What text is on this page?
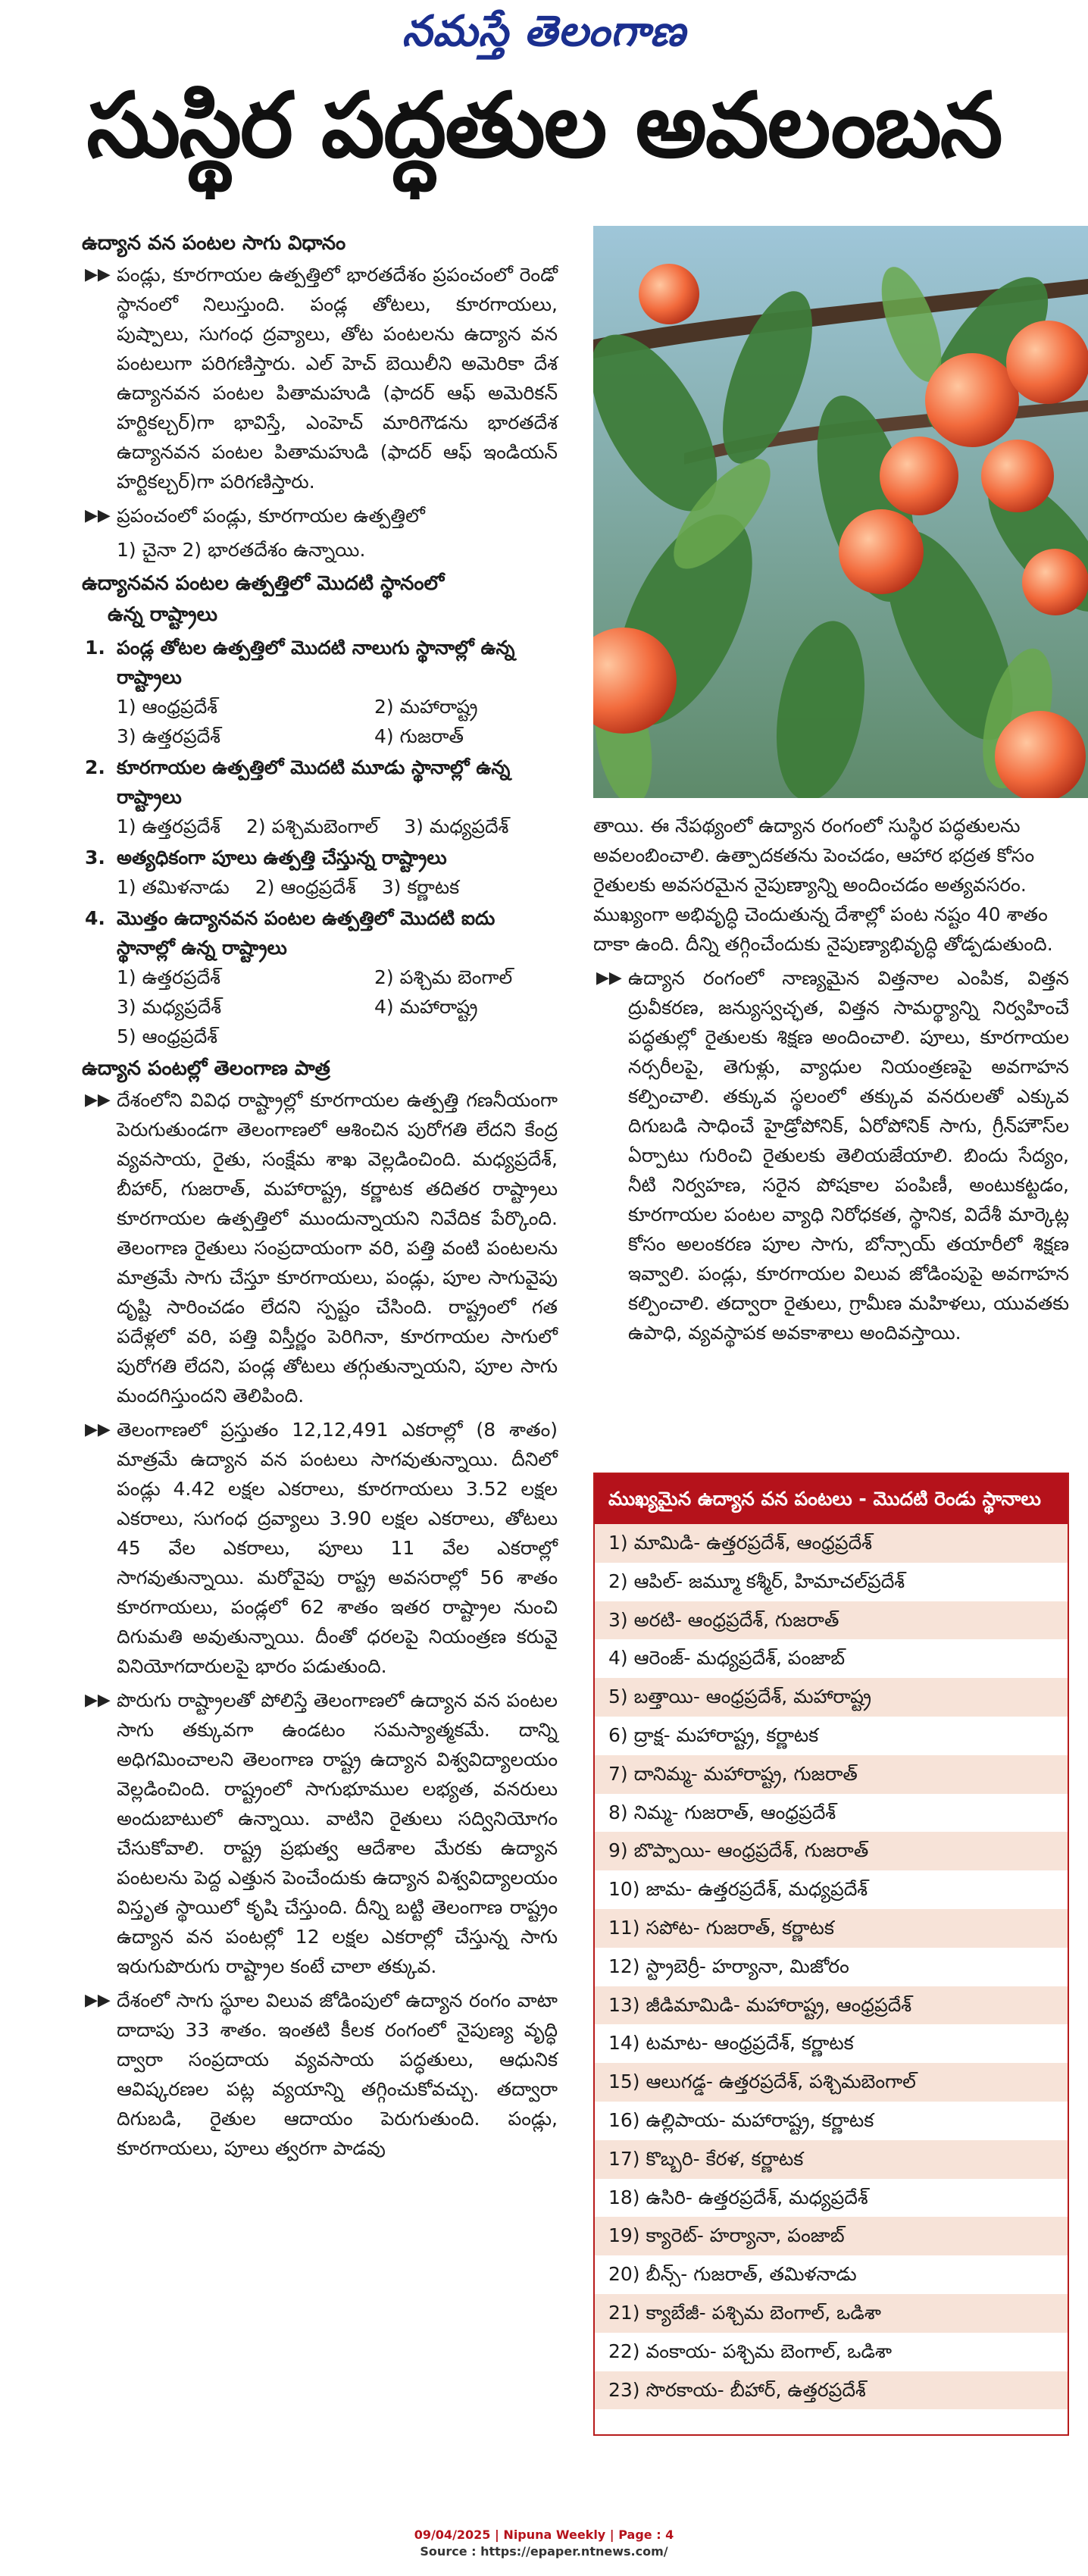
నమస్తే తెలంగాణ
సుస్థిర పద్ధతుల అవలంబన
ఉద్యాన వన పంటల సాగు విధానం
▶▶ పండ్లు, కూరగాయల ఉత్పత్తిలో భారతదేశం ప్రపంచంలో రెండో స్థానంలో నిలుస్తుంది. పండ్ల తోటలు, కూరగాయలు, పుష్పాలు, సుగంధ ద్రవ్యాలు, తోట పంటలను ఉద్యాన వన పంటలుగా పరిగణిస్తారు. ఎల్ హెచ్ బెయిలీని అమెరికా దేశ ఉద్యానవన పంటల పితామహుడి (ఫాదర్ ఆఫ్ అమెరికన్ హర్టికల్చర్)గా భావిస్తే, ఎంహెచ్ మారిగౌడను భారతదేశ ఉద్యానవన పంటల పితామహుడి (ఫాదర్ ఆఫ్ ఇండియన్ హర్టికల్చర్)గా పరిగణిస్తారు.
▶▶ ప్రపంచంలో పండ్లు, కూరగాయల ఉత్పత్తిలో
1) చైనా 2) భారతదేశం ఉన్నాయి.
ఉద్యానవన పంటల ఉత్పత్తిలో మొదటి స్థానంలో
ఉన్న రాష్ట్రాలు
1. పండ్ల తోటల ఉత్పత్తిలో మొదటి నాలుగు స్థానాల్లో ఉన్న రాష్ట్రాలు
1) ఆంధ్రప్రదేశ్	2) మహారాష్ట్ర
3) ఉత్తరప్రదేశ్	4) గుజరాత్
2. కూరగాయల ఉత్పత్తిలో మొదటి మూడు స్థానాల్లో ఉన్న రాష్ట్రాలు
1) ఉత్తరప్రదేశ్ 2) పశ్చిమబెంగాల్ 3) మధ్యప్రదేశ్
3. అత్యధికంగా పూలు ఉత్పత్తి చేస్తున్న రాష్ట్రాలు
1) తమిళనాడు 2) ఆంధ్రప్రదేశ్ 3) కర్ణాటక
4. మొత్తం ఉద్యానవన పంటల ఉత్పత్తిలో మొదటి ఐదు స్థానాల్లో ఉన్న రాష్ట్రాలు
1) ఉత్తరప్రదేశ్	2) పశ్చిమ బెంగాల్
3) మధ్యప్రదేశ్	4) మహారాష్ట్ర
5) ఆంధ్రప్రదేశ్
ఉద్యాన పంటల్లో తెలంగాణ పాత్ర
▶▶ దేశంలోని వివిధ రాష్ట్రాల్లో కూరగాయల ఉత్పత్తి గణనీయంగా పెరుగుతుండగా తెలంగాణలో ఆశించిన పురోగతి లేదని కేంద్ర వ్యవసాయ, రైతు, సంక్షేమ శాఖ వెల్లడించింది. మధ్యప్రదేశ్, బీహార్, గుజరాత్, మహారాష్ట్ర, కర్ణాటక తదితర రాష్ట్రాలు కూరగాయల ఉత్పత్తిలో ముందున్నాయని నివేదిక పేర్కొంది. తెలంగాణ రైతులు సంప్రదాయంగా వరి, పత్తి వంటి పంటలను మాత్రమే సాగు చేస్తూ కూరగాయలు, పండ్లు, పూల సాగువైపు దృష్టి సారించడం లేదని స్పష్టం చేసింది. రాష్ట్రంలో గత పదేళ్లలో వరి, పత్తి విస్తీర్ణం పెరిగినా, కూరగాయల సాగులో పురోగతి లేదని, పండ్ల తోటలు తగ్గుతున్నాయని, పూల సాగు మందగిస్తుందని తెలిపింది.
▶▶ తెలంగాణలో ప్రస్తుతం 12,12,491 ఎకరాల్లో (8 శాతం) మాత్రమే ఉద్యాన వన పంటలు సాగవుతున్నాయి. దీనిలో పండ్లు 4.42 లక్షల ఎకరాలు, కూరగాయలు 3.52 లక్షల ఎకరాలు, సుగంధ ద్రవ్యాలు 3.90 లక్షల ఎకరాలు, తోటలు 45 వేల ఎకరాలు, పూలు 11 వేల ఎకరాల్లో సాగవుతున్నాయి. మరోవైపు రాష్ట్ర అవసరాల్లో 56 శాతం కూరగాయలు, పండ్లలో 62 శాతం ఇతర రాష్ట్రాల నుంచి దిగుమతి అవుతున్నాయి. దీంతో ధరలపై నియంత్రణ కరువై వినియోగదారులపై భారం పడుతుంది.
▶▶ పొరుగు రాష్ట్రాలతో పోలిస్తే తెలంగాణలో ఉద్యాన వన పంటల సాగు తక్కువగా ఉండటం సమస్యాత్మకమే. దాన్ని అధిగమించాలని తెలంగాణ రాష్ట్ర ఉద్యాన విశ్వవిద్యాలయం వెల్లడించింది. రాష్ట్రంలో సాగుభూముల లభ్యత, వనరులు అందుబాటులో ఉన్నాయి. వాటిని రైతులు సద్వినియోగం చేసుకోవాలి. రాష్ట్ర ప్రభుత్వ ఆదేశాల మేరకు ఉద్యాన పంటలను పెద్ద ఎత్తున పెంచేందుకు ఉద్యాన విశ్వవిద్యాలయం విస్తృత స్థాయిలో కృషి చేస్తుంది. దీన్ని బట్టి తెలంగాణ రాష్ట్రం ఉద్యాన వన పంటల్లో 12 లక్షల ఎకరాల్లో చేస్తున్న సాగు ఇరుగుపొరుగు రాష్ట్రాల కంటే చాలా తక్కువ.
▶▶ దేశంలో సాగు స్థూల విలువ జోడింపులో ఉద్యాన రంగం వాటా దాదాపు 33 శాతం. ఇంతటి కీలక రంగంలో నైపుణ్య వృద్ధి ద్వారా సంప్రదాయ వ్యవసాయ పద్ధతులు, ఆధునిక ఆవిష్కరణల పట్ల వ్యయాన్ని తగ్గించుకోవచ్చు. తద్వారా దిగుబడి, రైతుల ఆదాయం పెరుగుతుంది. పండ్లు, కూరగాయలు, పూలు త్వరగా పాడవు
తాయి. ఈ నేపథ్యంలో ఉద్యాన రంగంలో సుస్థిర పద్ధతులను అవలంబించాలి. ఉత్పాదకతను పెంచడం, ఆహార భద్రత కోసం రైతులకు అవసరమైన నైపుణ్యాన్ని అందించడం అత్యవసరం. ముఖ్యంగా అభివృద్ధి చెందుతున్న దేశాల్లో పంట నష్టం 40 శాతం దాకా ఉంది. దీన్ని తగ్గించేందుకు నైపుణ్యాభివృద్ధి తోడ్పడుతుంది.
▶▶ ఉద్యాన రంగంలో నాణ్యమైన విత్తనాల ఎంపిక, విత్తన ద్రువీకరణ, జన్యుస్వచ్ఛత, విత్తన సామర్థ్యాన్ని నిర్వహించే పద్ధతుల్లో రైతులకు శిక్షణ అందించాలి. పూలు, కూరగాయల నర్సరీలపై, తెగుళ్లు, వ్యాధుల నియంత్రణపై అవగాహన కల్పించాలి. తక్కువ స్థలంలో తక్కువ వనరులతో ఎక్కువ దిగుబడి సాధించే హైడ్రోపోనిక్, ఏరోపోనిక్ సాగు, గ్రీన్‌హౌస్‌ల ఏర్పాటు గురించి రైతులకు తెలియజేయాలి. బిందు సేద్యం, నీటి నిర్వహణ, సరైన పోషకాల పంపిణీ, అంటుకట్టడం, కూరగాయల పంటల వ్యాధి నిరోధకత, స్థానిక, విదేశీ మార్కెట్ల కోసం అలంకరణ పూల సాగు, బోన్సాయ్ తయారీలో శిక్షణ ఇవ్వాలి. పండ్లు, కూరగాయల విలువ జోడింపుపై అవగాహన కల్పించాలి. తద్వారా రైతులు, గ్రామీణ మహిళలు, యువతకు ఉపాధి, వ్యవస్థాపక అవకాశాలు అందివస్తాయి.
ముఖ్యమైన ఉద్యాన వన పంటలు - మొదటి రెండు స్థానాలు
1) మామిడి- ఉత్తరప్రదేశ్, ఆంధ్రప్రదేశ్
2) ఆపిల్- జమ్మూ కశ్మీర్, హిమాచల్‌ప్రదేశ్
3) అరటి- ఆంధ్రప్రదేశ్, గుజరాత్
4) ఆరెంజ్- మధ్యప్రదేశ్, పంజాబ్
5) బత్తాయి- ఆంధ్రప్రదేశ్, మహారాష్ట్ర
6) ద్రాక్ష- మహారాష్ట్ర, కర్ణాటక
7) దానిమ్మ- మహారాష్ట్ర, గుజరాత్
8) నిమ్మ- గుజరాత్, ఆంధ్రప్రదేశ్
9) బొప్పాయి- ఆంధ్రప్రదేశ్, గుజరాత్
10) జామ- ఉత్తరప్రదేశ్, మధ్యప్రదేశ్
11) సపోట- గుజరాత్, కర్ణాటక
12) స్ట్రాబెర్రీ- హర్యానా, మిజోరం
13) జీడిమామిడి- మహారాష్ట్ర, ఆంధ్రప్రదేశ్
14) టమాట- ఆంధ్రప్రదేశ్, కర్ణాటక
15) ఆలుగడ్డ- ఉత్తరప్రదేశ్, పశ్చిమబెంగాల్
16) ఉల్లిపాయ- మహారాష్ట్ర, కర్ణాటక
17) కొబ్బరి- కేరళ, కర్ణాటక
18) ఉసిరి- ఉత్తరప్రదేశ్, మధ్యప్రదేశ్
19) క్యారెట్- హర్యానా, పంజాబ్
20) బీన్స్- గుజరాత్, తమిళనాడు
21) క్యాబేజీ- పశ్చిమ బెంగాల్, ఒడిశా
22) వంకాయ- పశ్చిమ బెంగాల్, ఒడిశా
23) సొరకాయ- బీహార్, ఉత్తరప్రదేశ్
09/04/2025 | Nipuna Weekly | Page : 4
Source : https://epaper.ntnews.com/
